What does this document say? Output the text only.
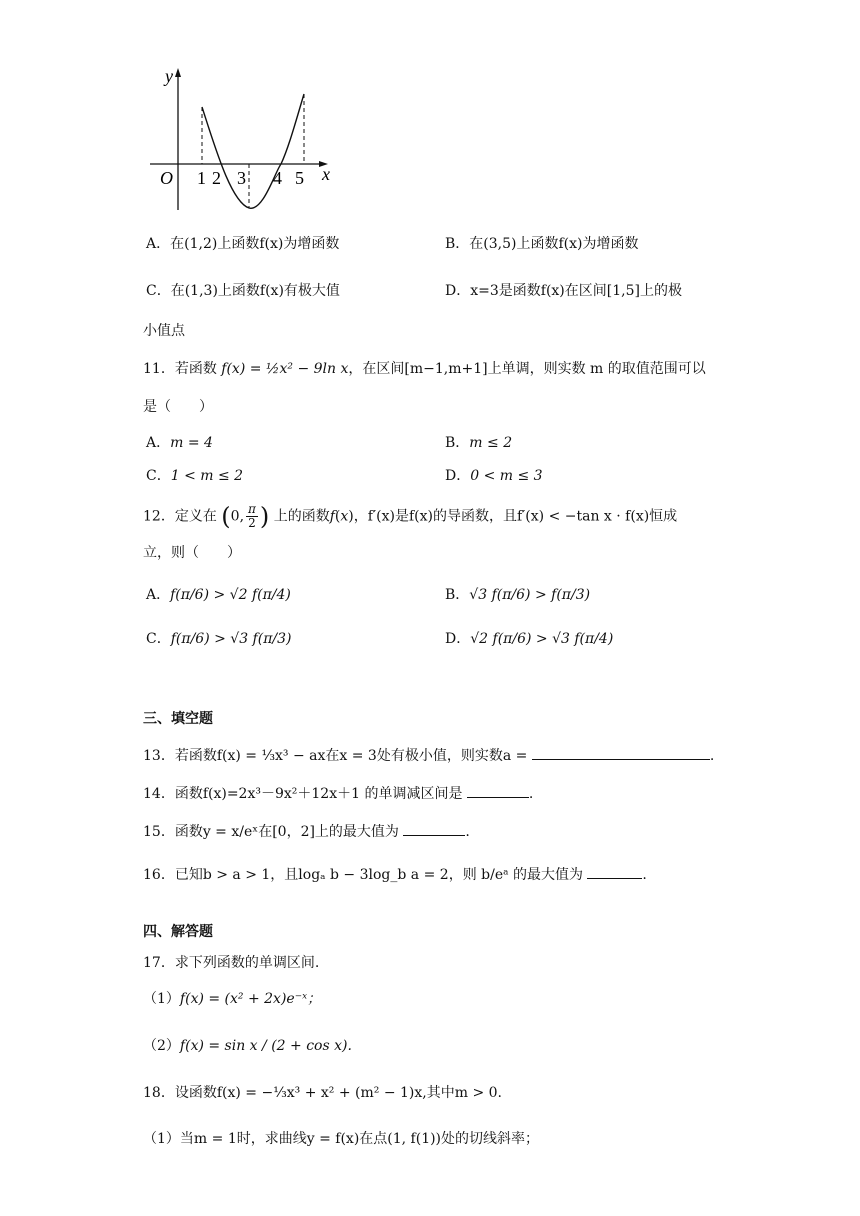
y
x
O 1 2 3 4 5
A．在(1,2)上函数f(x)为增函数	B．在(3,5)上函数f(x)为增函数
C．在(1,3)上函数f(x)有极大值	D．x=3是函数f(x)在区间[1,5]上的极
小值点
11．若函数 f(x) = ½x² − 9ln x，在区间[m−1,m+1]上单调，则实数 m 的取值范围可以
是（　　）
A．m = 4	B．m ≤ 2
C．1 < m ≤ 2	D．0 < m ≤ 3
12．定义在 (0, $\frac{\pi}{2}$ ) 上的函数f(x)，f′(x)是f(x)的导函数，且f′(x) < −tan x · f(x)恒成
立，则（　　）
A．f(π/6) > √2 f(π/4)	B．√3 f(π/6) > f(π/3)
C．f(π/6) > √3 f(π/3)	D．√2 f(π/6) > √3 f(π/4)
三、填空题
13．若函数f(x) = ⅓x³ − ax在x = 3处有极小值，则实数a =	.
14．函数f(x)=2x³－9x²＋12x＋1 的单调减区间是	.
15．函数y = x/eˣ在[0，2]上的最大值为	.
16．已知b > a > 1，且logₐ b − 3log_b a = 2，则 b/eᵃ 的最大值为	.
四、解答题
17．求下列函数的单调区间.
（1）f(x) = (x² + 2x)e⁻ˣ；
（2）f(x) = sin x / (2 + cos x).
18．设函数f(x) = −⅓x³ + x² + (m² − 1)x,其中m > 0.
（1）当m = 1时，求曲线y = f(x)在点(1, f(1))处的切线斜率；
